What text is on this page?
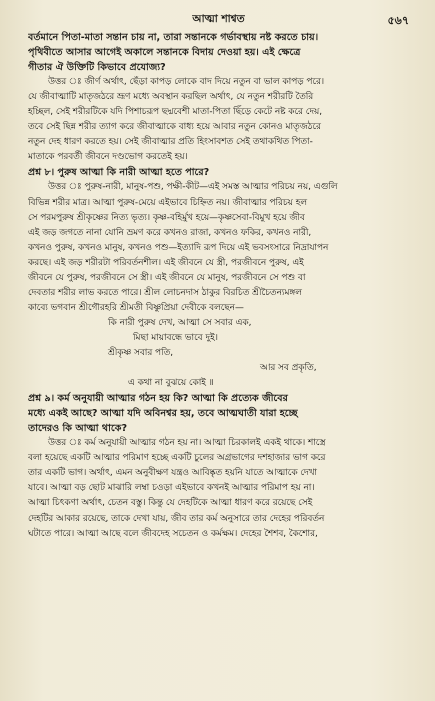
আত্মা শাশ্বত	৫৬৭
বর্তমানে পিতা-মাতা সন্তান চায় না, তারা সন্তানকে গর্ভাবস্থায় নষ্ট করতে চায়।
পৃথিবীতে আসার আগেই অকালে সন্তানকে বিদায় দেওয়া হয়। এই ক্ষেত্রে
গীতার ঐ উক্তিটি কিভাবে প্রযোজ্য?
উত্তর ঃ জীর্ণ অর্থাৎ, ছেঁড়া কাপড় লোকে বাদ দিয়ে নতুন বা ভাল কাপড় পরে।
যে জীবাত্মাটি মাতৃজঠরে ভ্রূণ মধ্যে অবস্থান করছিল অর্থাৎ, যে নতুন শরীরটি তৈরি
হচ্ছিল, সেই শরীরটিকে যদি পিশাচরূপ ছদ্মবেশী মাতা-পিতা ছিঁড়ে কেটে নষ্ট করে দেয়,
তবে সেই ছিন্ন শরীর ত্যাগ করে জীবাত্মাকে বাধ্য হয়ে আবার নতুন কোনও মাতৃজঠরে
নতুন দেহ ধারণ করতে হয়। সেই জীবাত্মার প্রতি হিংসাবশত সেই তথাকথিত পিতা-
মাতাকে পরবর্তী জীবনে দণ্ডভোগ করতেই হয়।
প্রশ্ন ৮। পুরুষ আত্মা কি নারী আত্মা হতে পারে?
উত্তর ঃ পুরুষ-নারী, মানুষ-পশু, পক্ষী-কীট—এই সমস্ত আত্মার পরিচয় নয়, এগুলি
বিভিন্ন শরীর মাত্র। আত্মা পুরুষ-মেয়ে এইভাবে চিহ্নিত নয়। জীবাত্মার পরিচয় হল
সে পরমপুরুষ শ্রীকৃষ্ণের নিত্য ভৃত্য। কৃষ্ণ-বহির্মুখ হয়ে—কৃষ্ণসেবা-বিমুখ হয়ে জীব
এই জড় জগতে নানা যোনি ভ্রমণ করে কখনও রাজা, কখনও ফকির, কখনও নারী,
কখনও পুরুষ, কখনও মানুষ, কখনও পশু—ইত্যাদি রূপ দিয়ে এই ভবসংসারে নিদ্রাযাপন
করছে। এই জড় শরীরটা পরিবর্তনশীল। এই জীবনে যে স্ত্রী, পরজীবনে পুরুষ, এই
জীবনে যে পুরুষ, পরজীবনে সে স্ত্রী। এই জীবনে যে মানুষ, পরজীবনে সে পশু বা
দেবতার শরীর লাভ করতে পারে। শ্রীল লোচনদাস ঠাকুর বিরচিত শ্রীচৈতন্যমঙ্গল
কাব্যে ভগবান শ্রীগৌরহরি শ্রীমতী বিষ্ণুপ্রিয়া দেবীকে বলছেন—
কি নারী পুরুষ দেখ, আত্মা সে সবার এক,
মিছা মায়াবন্ধে ভাবে দুই।
শ্রীকৃষ্ণ সবার পতি,
আর সব প্রকৃতি,
এ কথা না বুঝয়ে কোই ॥
প্রশ্ন ৯। কর্ম অনুযায়ী আত্মার গঠন হয় কি? আত্মা কি প্রত্যেক জীবের
মধ্যে একই আছে? আত্মা যদি অবিনশ্বর হয়, তবে আত্মঘাতী যারা হচ্ছে
তাদেরও কি আত্মা থাকে?
উত্তর ঃ কর্ম অনুযায়ী আত্মার গঠন হয় না। আত্মা চিরকালই একই থাকে। শাস্ত্রে
বলা হয়েছে একটি আত্মার পরিমাণ হচ্ছে একটি চুলের অগ্রভাগের দশহাজার ভাগ করে
তার একটি ভাগ। অর্থাৎ, এমন অনুবীক্ষণ যন্ত্রও আবিষ্কৃত হয়নি যাতে আত্মাকে দেখা
যাবে। আত্মা বড় ছোট মাঝারি লম্বা চওড়া এইভাবে কখনই আত্মার পরিমাপ হয় না।
আত্মা চিৎকণা অর্থাৎ, চেতন বস্তু। কিন্তু যে দেহটিকে আত্মা ধারণ করে রয়েছে সেই
দেহটির আকার রয়েছে, তাকে দেখা যায়, জীব তার কর্ম অনুসারে তার দেহের পরিবর্তন
ঘটাতে পারে। আত্মা আছে বলে জীবদেহ সচেতন ও কর্মক্ষম। দেহের শৈশব, কৈশোর,
